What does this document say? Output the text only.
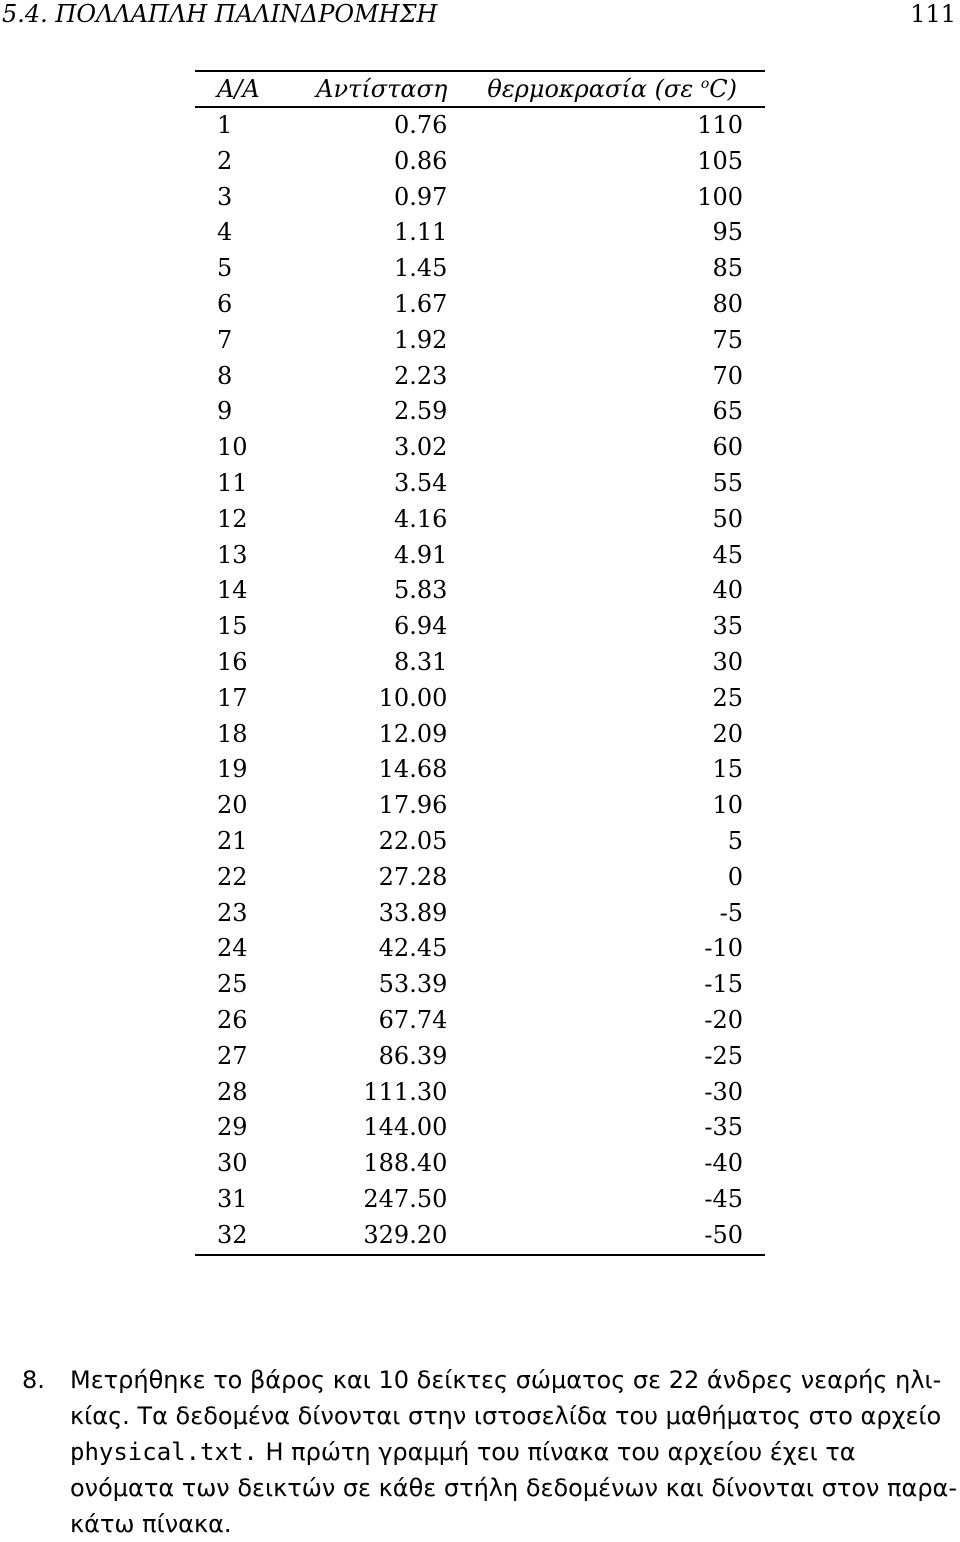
5.4. ΠΟΛΛΑΠΛΗ ΠΑΛΙΝΔΡΟΜΗΣΗ	111
A/A	Αντίσταση	θερμοκρασία (σε $^o$C)
1	0.76	110
2	0.86	105
3	0.97	100
4	1.11	95
5	1.45	85
6	1.67	80
7	1.92	75
8	2.23	70
9	2.59	65
10	3.02	60
11	3.54	55
12	4.16	50
13	4.91	45
14	5.83	40
15	6.94	35
16	8.31	30
17	10.00	25
18	12.09	20
19	14.68	15
20	17.96	10
21	22.05	5
22	27.28	0
23	33.89	-5
24	42.45	-10
25	53.39	-15
26	67.74	-20
27	86.39	-25
28	111.30	-30
29	144.00	-35
30	188.40	-40
31	247.50	-45
32	329.20	-50
8. Μετρήθηκε το βάρος και 10 δείκτες σώματος σε 22 άνδρες νεαρής ηλι-
κίας. Τα δεδομένα δίνονται στην ιστοσελίδα του μαθήματος στο αρχείο
physical.txt. Η πρώτη γραμμή του πίνακα του αρχείου έχει τα
ονόματα των δεικτών σε κάθε στήλη δεδομένων και δίνονται στον παρα-
κάτω πίνακα.
